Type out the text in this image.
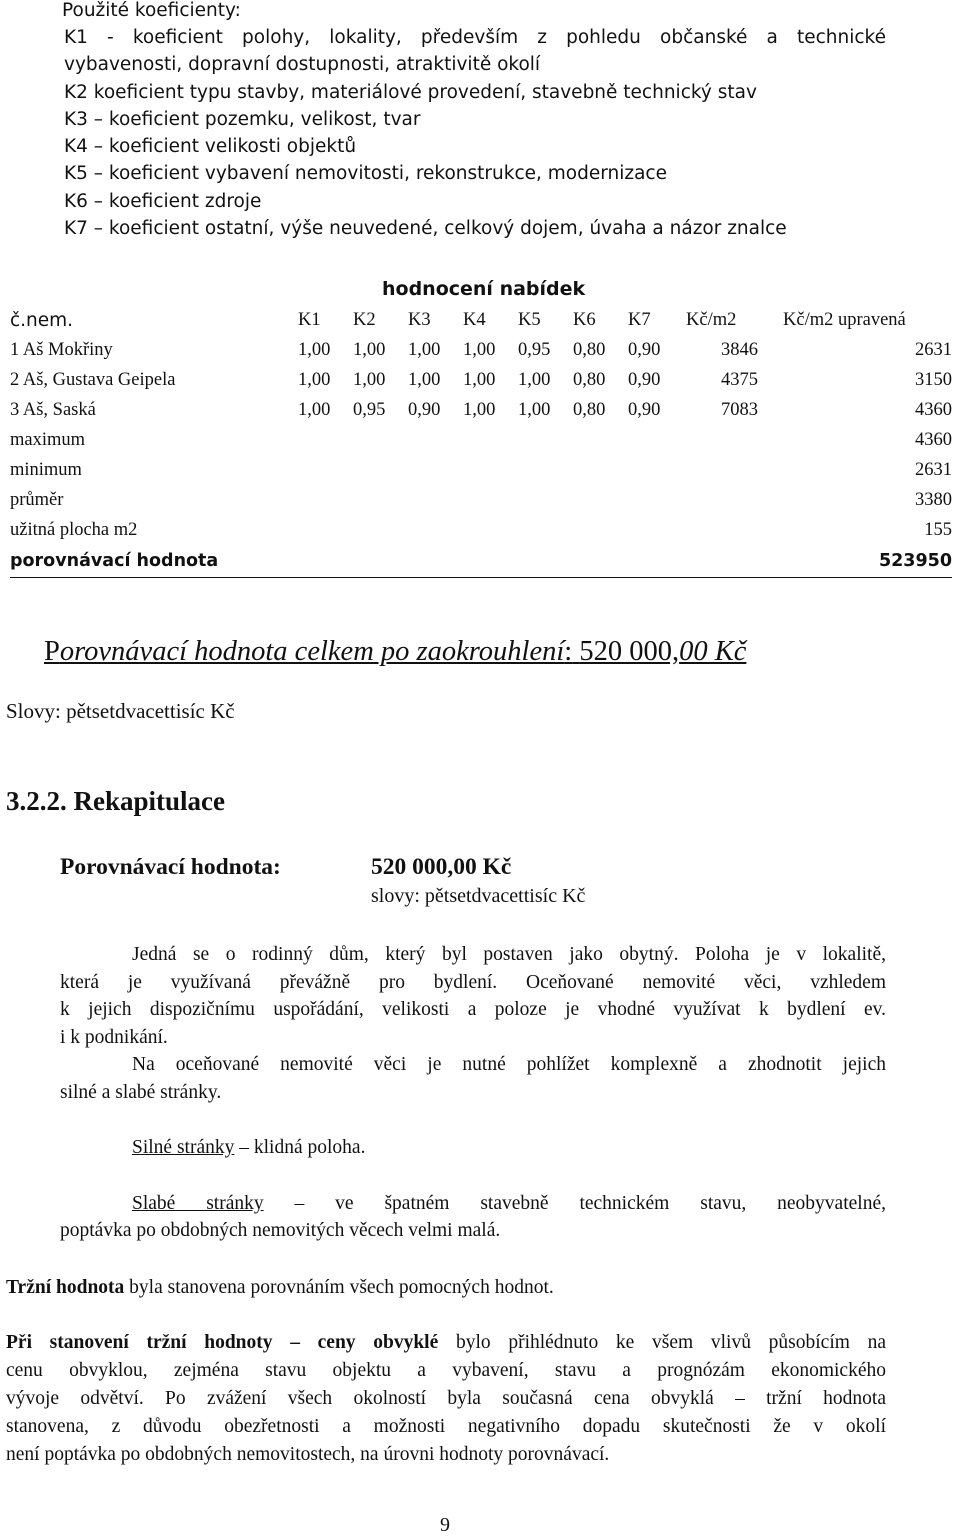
Použité koeficienty:
K1 - koeficient polohy, lokality, především z pohledu občanské a technické
vybavenosti, dopravní dostupnosti, atraktivitě okolí
K2 koeficient typu stavby, materiálové provedení, stavebně technický stav
K3 – koeficient pozemku, velikost, tvar
K4 – koeficient velikosti objektů
K5 – koeficient vybavení nemovitosti, rekonstrukce, modernizace
K6 – koeficient zdroje
K7 – koeficient ostatní, výše neuvedené, celkový dojem, úvaha a názor znalce
hodnocení nabídek
č.nem.	K1	K2	K3	K4	K5	K6	K7	Kč/m2	Kč/m2 upravená
1 Aš Mokřiny	1,00	1,00	1,00	1,00	0,95	0,80	0,90	3846	2631
2 Aš, Gustava Geipela	1,00	1,00	1,00	1,00	1,00	0,80	0,90	4375	3150
3 Aš, Saská	1,00	0,95	0,90	1,00	1,00	0,80	0,90	7083	4360
maximum	4360
minimum	2631
průměr	3380
užitná plocha m2	155
porovnávací hodnota	523950
Porovnávací hodnota celkem po zaokrouhlení: 520 000,00 Kč
Slovy: pětsetdvacettisíc Kč
3.2.2. Rekapitulace
Porovnávací hodnota:	520 000,00 Kč
slovy: pětsetdvacettisíc Kč
Jedná se o rodinný dům, který byl postaven jako obytný. Poloha je v lokalitě,
která je využívaná převážně pro bydlení. Oceňované nemovité věci, vzhledem
k jejich dispozičnímu uspořádání, velikosti a poloze je vhodné využívat k bydlení ev.
i k podnikání.
Na oceňované nemovité věci je nutné pohlížet komplexně a zhodnotit jejich
silné a slabé stránky.
Silné stránky – klidná poloha.
Slabé stránky – ve špatném stavebně technickém stavu, neobyvatelné,
poptávka po obdobných nemovitých věcech velmi malá.
Tržní hodnota byla stanovena porovnáním všech pomocných hodnot.
Při stanovení tržní hodnoty – ceny obvyklé bylo přihlédnuto ke všem vlivů působícím na
cenu obvyklou, zejména stavu objektu a vybavení, stavu a prognózám ekonomického
vývoje odvětví. Po zvážení všech okolností byla současná cena obvyklá – tržní hodnota
stanovena, z důvodu obezřetnosti a možnosti negativního dopadu skutečnosti že v okolí
není poptávka po obdobných nemovitostech, na úrovni hodnoty porovnávací.
9
